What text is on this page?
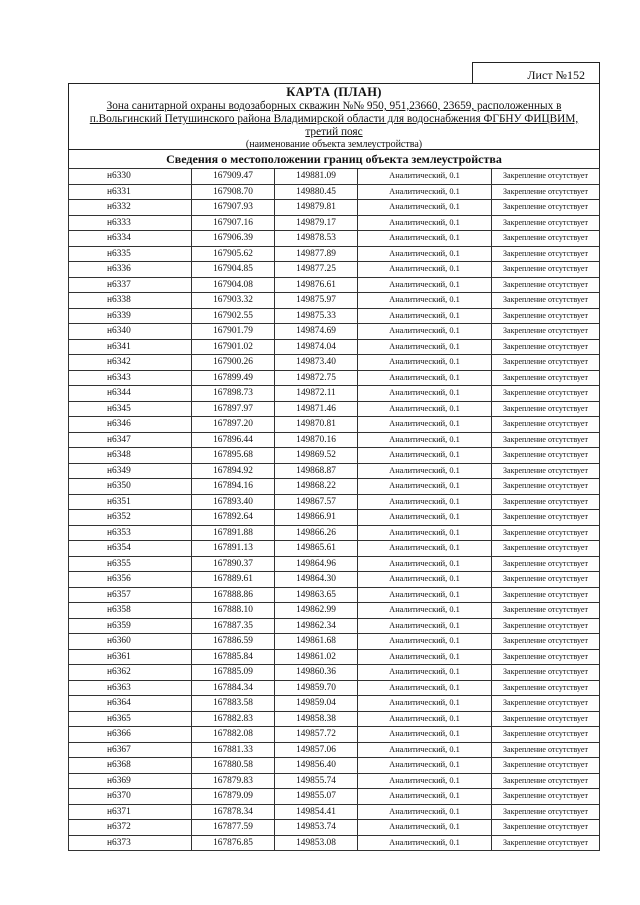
Лист №152
КАРТА (ПЛАН)
Зона санитарной охраны водозаборных скважин №№ 950, 951,23660, 23659, расположенных в
п.Вольгинский Петушинского района Владимирской области для водоснабжения ФГБНУ ФИЦВИМ,
третий пояс
(наименование объекта землеустройства)
Сведения о местоположении границ объекта землеустройства
н6330	167909.47	149881.09	Аналитический, 0.1	Закрепление отсутствует
н6331	167908.70	149880.45	Аналитический, 0.1	Закрепление отсутствует
н6332	167907.93	149879.81	Аналитический, 0.1	Закрепление отсутствует
н6333	167907.16	149879.17	Аналитический, 0.1	Закрепление отсутствует
н6334	167906.39	149878.53	Аналитический, 0.1	Закрепление отсутствует
н6335	167905.62	149877.89	Аналитический, 0.1	Закрепление отсутствует
н6336	167904.85	149877.25	Аналитический, 0.1	Закрепление отсутствует
н6337	167904.08	149876.61	Аналитический, 0.1	Закрепление отсутствует
н6338	167903.32	149875.97	Аналитический, 0.1	Закрепление отсутствует
н6339	167902.55	149875.33	Аналитический, 0.1	Закрепление отсутствует
н6340	167901.79	149874.69	Аналитический, 0.1	Закрепление отсутствует
н6341	167901.02	149874.04	Аналитический, 0.1	Закрепление отсутствует
н6342	167900.26	149873.40	Аналитический, 0.1	Закрепление отсутствует
н6343	167899.49	149872.75	Аналитический, 0.1	Закрепление отсутствует
н6344	167898.73	149872.11	Аналитический, 0.1	Закрепление отсутствует
н6345	167897.97	149871.46	Аналитический, 0.1	Закрепление отсутствует
н6346	167897.20	149870.81	Аналитический, 0.1	Закрепление отсутствует
н6347	167896.44	149870.16	Аналитический, 0.1	Закрепление отсутствует
н6348	167895.68	149869.52	Аналитический, 0.1	Закрепление отсутствует
н6349	167894.92	149868.87	Аналитический, 0.1	Закрепление отсутствует
н6350	167894.16	149868.22	Аналитический, 0.1	Закрепление отсутствует
н6351	167893.40	149867.57	Аналитический, 0.1	Закрепление отсутствует
н6352	167892.64	149866.91	Аналитический, 0.1	Закрепление отсутствует
н6353	167891.88	149866.26	Аналитический, 0.1	Закрепление отсутствует
н6354	167891.13	149865.61	Аналитический, 0.1	Закрепление отсутствует
н6355	167890.37	149864.96	Аналитический, 0.1	Закрепление отсутствует
н6356	167889.61	149864.30	Аналитический, 0.1	Закрепление отсутствует
н6357	167888.86	149863.65	Аналитический, 0.1	Закрепление отсутствует
н6358	167888.10	149862.99	Аналитический, 0.1	Закрепление отсутствует
н6359	167887.35	149862.34	Аналитический, 0.1	Закрепление отсутствует
н6360	167886.59	149861.68	Аналитический, 0.1	Закрепление отсутствует
н6361	167885.84	149861.02	Аналитический, 0.1	Закрепление отсутствует
н6362	167885.09	149860.36	Аналитический, 0.1	Закрепление отсутствует
н6363	167884.34	149859.70	Аналитический, 0.1	Закрепление отсутствует
н6364	167883.58	149859.04	Аналитический, 0.1	Закрепление отсутствует
н6365	167882.83	149858.38	Аналитический, 0.1	Закрепление отсутствует
н6366	167882.08	149857.72	Аналитический, 0.1	Закрепление отсутствует
н6367	167881.33	149857.06	Аналитический, 0.1	Закрепление отсутствует
н6368	167880.58	149856.40	Аналитический, 0.1	Закрепление отсутствует
н6369	167879.83	149855.74	Аналитический, 0.1	Закрепление отсутствует
н6370	167879.09	149855.07	Аналитический, 0.1	Закрепление отсутствует
н6371	167878.34	149854.41	Аналитический, 0.1	Закрепление отсутствует
н6372	167877.59	149853.74	Аналитический, 0.1	Закрепление отсутствует
н6373	167876.85	149853.08	Аналитический, 0.1	Закрепление отсутствует
